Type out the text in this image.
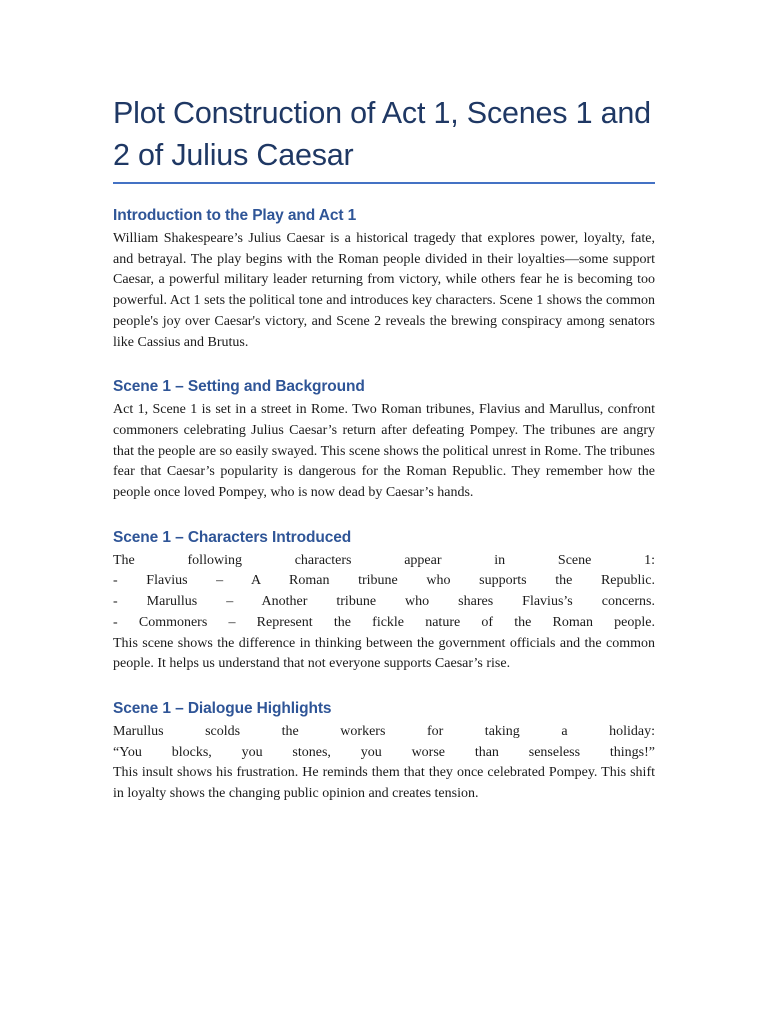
Plot Construction of Act 1, Scenes 1 and 2 of Julius Caesar
Introduction to the Play and Act 1

William Shakespeare’s Julius Caesar is a historical tragedy that explores power, loyalty, fate, and betrayal. The play begins with the Roman people divided in their loyalties—some support Caesar, a powerful military leader returning from victory, while others fear he is becoming too powerful. Act 1 sets the political tone and introduces key characters. Scene 1 shows the common people's joy over Caesar's victory, and Scene 2 reveals the brewing conspiracy among senators like Cassius and Brutus.

Scene 1 – Setting and Background

Act 1, Scene 1 is set in a street in Rome. Two Roman tribunes, Flavius and Marullus, confront commoners celebrating Julius Caesar’s return after defeating Pompey. The tribunes are angry that the people are so easily swayed. This scene shows the political unrest in Rome. The tribunes fear that Caesar’s popularity is dangerous for the Roman Republic. They remember how the people once loved Pompey, who is now dead by Caesar’s hands.

Scene 1 – Characters Introduced
The following characters appear in Scene 1:
- Flavius – A Roman tribune who supports the Republic.
- Marullus – Another tribune who shares Flavius’s concerns.
- Commoners – Represent the fickle nature of the Roman people.
This scene shows the difference in thinking between the government officials and the common people. It helps us understand that not everyone supports Caesar’s rise.
Scene 1 – Dialogue Highlights
Marullus scolds the workers for taking a holiday:
“You blocks, you stones, you worse than senseless things!”
This insult shows his frustration. He reminds them that they once celebrated Pompey. This shift in loyalty shows the changing public opinion and creates tension.
